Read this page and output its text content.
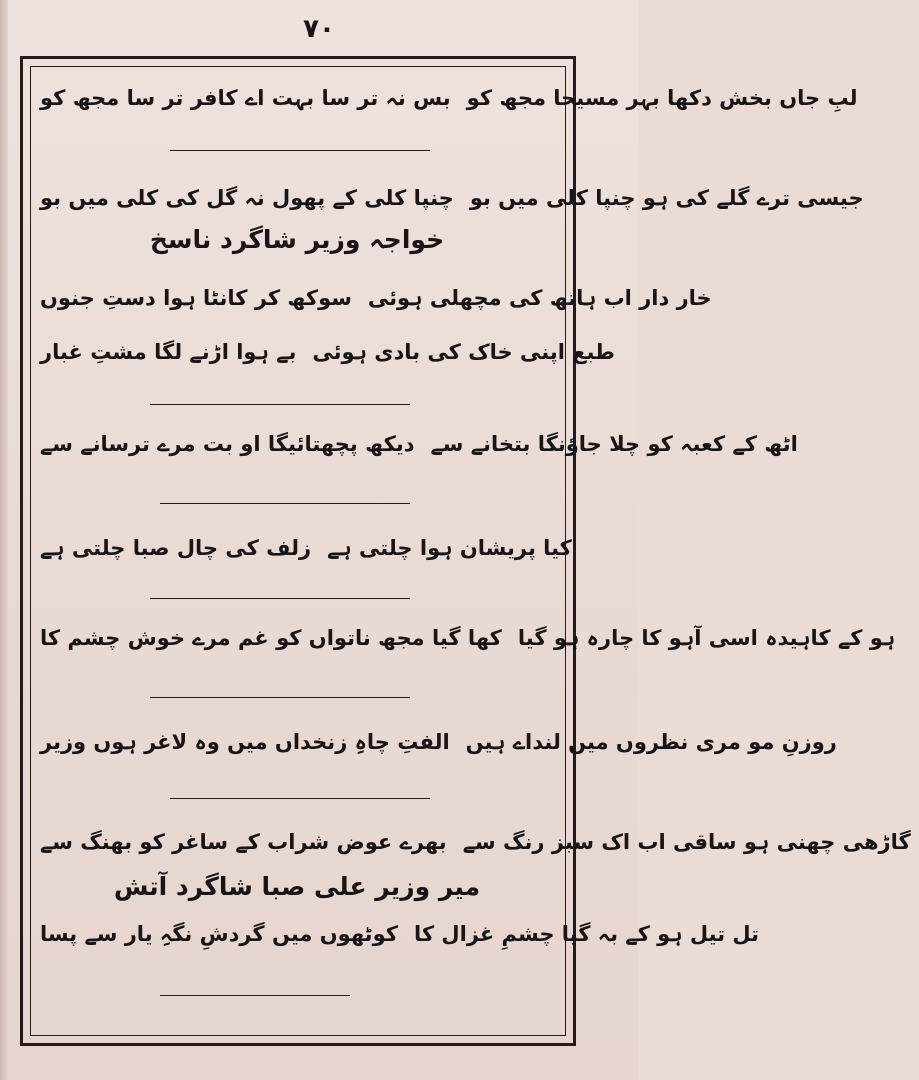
۷۰
بس نہ تر سا بہت اے کافر تر سا مجھ کو لبِ جاں بخش دکھا بہر مسیحا مجھ کو
چنپا کلی کے پھول نہ گل کی کلی میں بو جیسی ترے گلے کی ہو چنپا کلی میں بو
خواجہ وزیر شاگرد ناسخ
سوکھ کر کانٹا ہوا دستِ جنوں خار دار اب ہاتھ کی مچھلی ہوئی
بے ہوا اڑنے لگا مشتِ غبار طبع اپنی خاک کی بادی ہوئی
دیکھ پچھتائیگا او بت مرے ترسانے سے اٹھ کے کعبہ کو چلا جاؤنگا بتخانے سے
زلف کی چال صبا چلتی ہے کیا پریشان ہوا چلتی ہے
کھا گیا مجھ ناتواں کو غم مرے خوش چشم کا ہو کے کاہیدہ اسی آہو کا چارہ ہو گیا
الفتِ چاہِ زنخداں میں وہ لاغر ہوں وزیر روزنِ مو مری نظروں میں لنداے ہیں
بھرے عوض شراب کے ساغر کو بھنگ سے گاڑھی چھنی ہو ساقی اب اک سبز رنگ سے
میر وزیر علی صبا شاگرد آتش
کوٹھوں میں گردشِ نگہِ یار سے پسا تل تیل ہو کے بہ گیا چشمِ غزال کا
